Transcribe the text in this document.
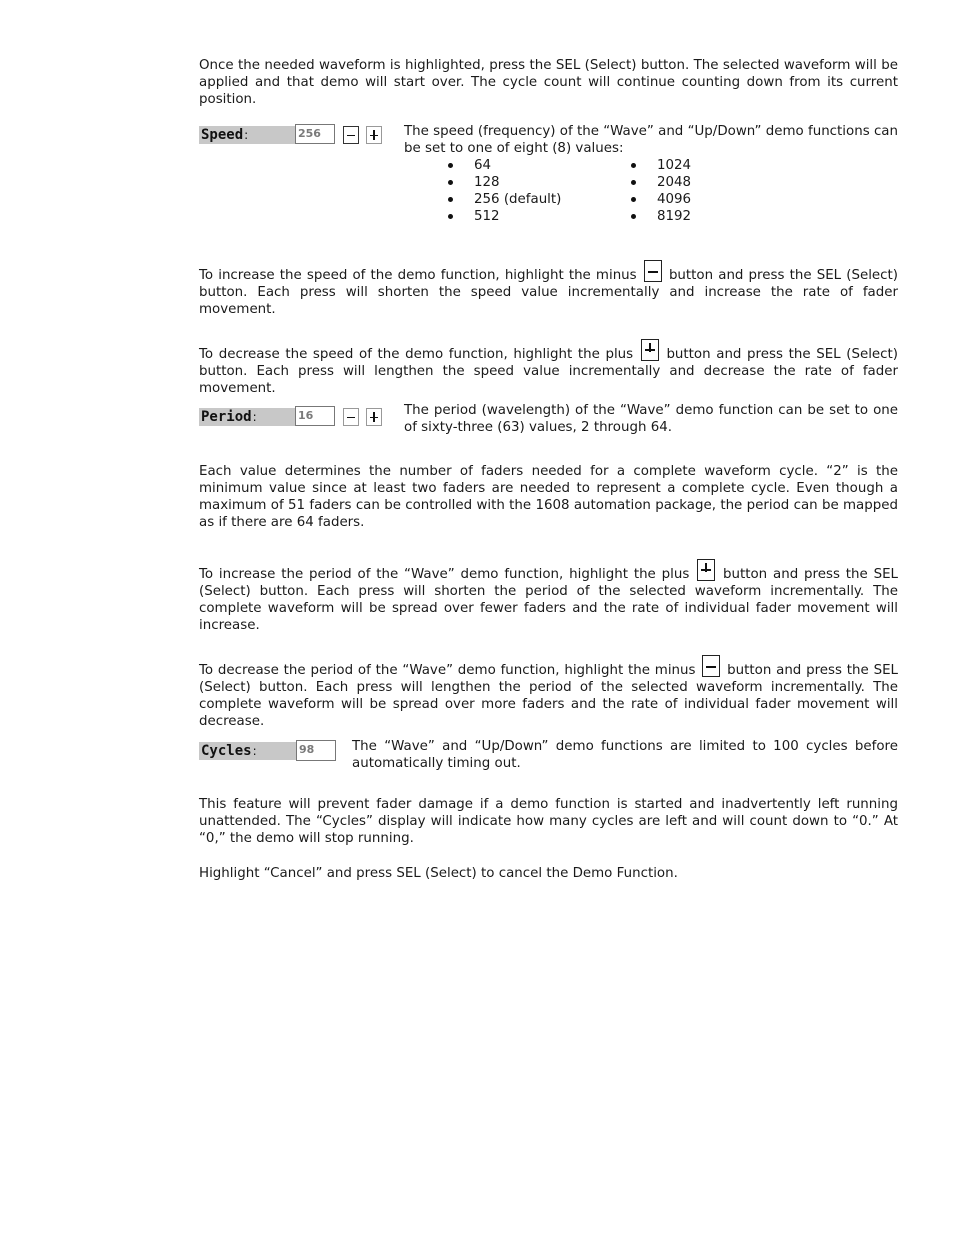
Once the needed waveform is highlighted, press the SEL (Select) button. The selected waveform will be applied and that demo will start over. The cycle count will continue counting down from its current position.

Speed:	256	The speed (frequency) of the “Wave” and “Up/Down” demo functions can be set to one of eight (8) values:

64
128
256 (default)
512
1024
2048
4096
8192

To increase the speed of the demo function, highlight the minus button and press the SEL (Select) button. Each press will shorten the speed value incrementally and increase the rate of fader movement.

To decrease the speed of the demo function, highlight the plus button and press the SEL (Select) button. Each press will lengthen the speed value incrementally and decrease the rate of fader movement.

Period:	16	The period (wavelength) of the “Wave” demo function can be set to one of sixty-three (63) values, 2 through 64.

Each value determines the number of faders needed for a complete waveform cycle. “2” is the minimum value since at least two faders are needed to represent a complete cycle. Even though a maximum of 51 faders can be controlled with the 1608 automation package, the period can be mapped as if there are 64 faders.

To increase the period of the “Wave” demo function, highlight the plus	button and press the SEL (Select) button. Each press will shorten the period of the selected waveform incrementally. The complete waveform will be spread over fewer faders and the rate of individual fader movement will increase.

To decrease the period of the “Wave” demo function, highlight the minus button and press the SEL (Select) button. Each press will lengthen the period of the selected waveform incrementally. The complete waveform will be spread over more faders and the rate of individual fader movement will decrease.

Cycles:	98	The “Wave” and “Up/Down” demo functions are limited to 100 cycles before automatically timing out.

This feature will prevent fader damage if a demo function is started and inadvertently left running unattended. The “Cycles” display will indicate how many cycles are left and will count down to “0.” At “0,” the demo will stop running.

Highlight “Cancel” and press SEL (Select) to cancel the Demo Function.
